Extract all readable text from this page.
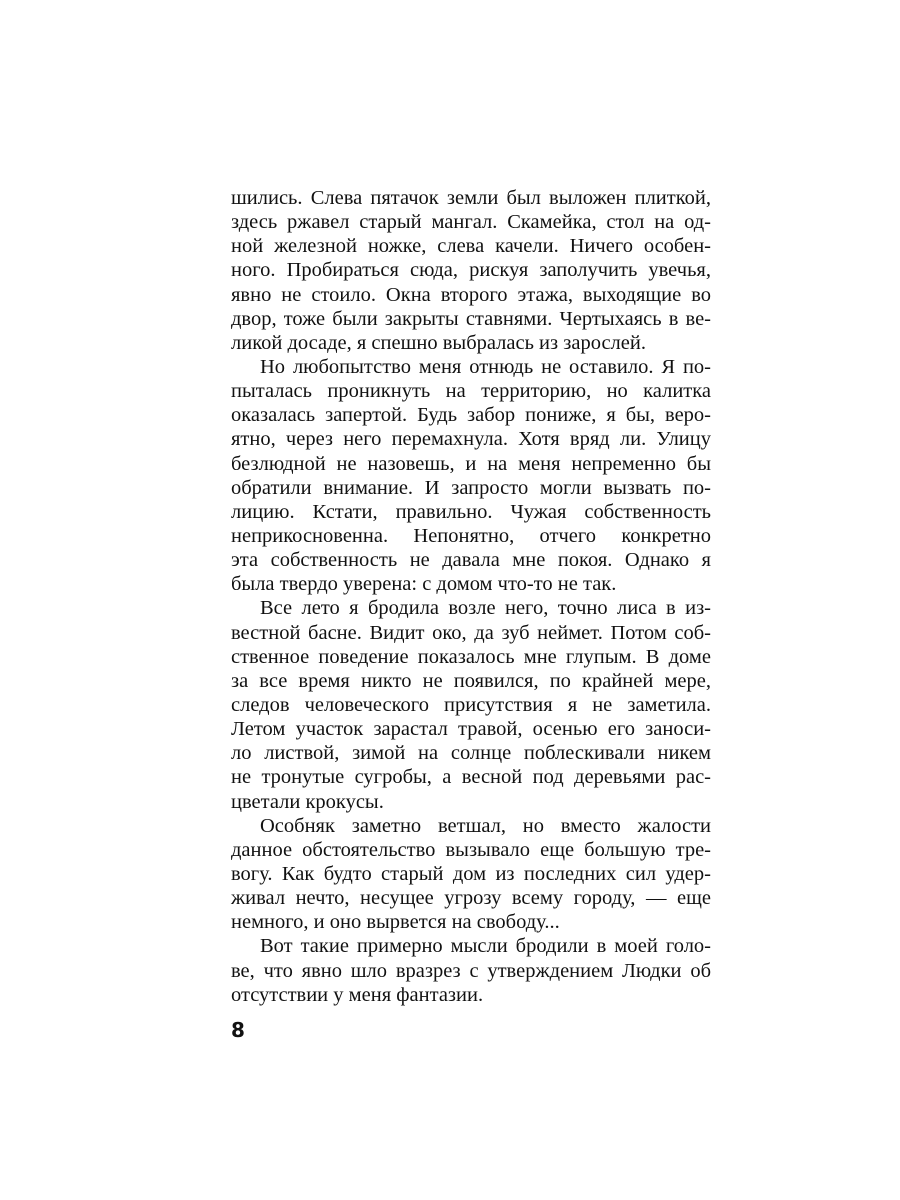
шились. Слева пятачок земли был выложен плиткой,
здесь ржавел старый мангал. Скамейка, стол на од-
ной железной ножке, слева качели. Ничего особен-
ного. Пробираться сюда, рискуя заполучить увечья,
явно не стоило. Окна второго этажа, выходящие во
двор, тоже были закрыты ставнями. Чертыхаясь в ве-
ликой досаде, я спешно выбралась из зарослей.
Но любопытство меня отнюдь не оставило. Я по-
пыталась проникнуть на территорию, но калитка
оказалась запертой. Будь забор пониже, я бы, веро-
ятно, через него перемахнула. Хотя вряд ли. Улицу
безлюдной не назовешь, и на меня непременно бы
обратили внимание. И запросто могли вызвать по-
лицию. Кстати, правильно. Чужая собственность
неприкосновенна. Непонятно, отчего конкретно
эта собственность не давала мне покоя. Однако я
была твердо уверена: с домом что-то не так.
Все лето я бродила возле него, точно лиса в из-
вестной басне. Видит око, да зуб неймет. Потом соб-
ственное поведение показалось мне глупым. В доме
за все время никто не появился, по крайней мере,
следов человеческого присутствия я не заметила.
Летом участок зарастал травой, осенью его заноси-
ло листвой, зимой на солнце поблескивали никем
не тронутые сугробы, а весной под деревьями рас-
цветали крокусы.
Особняк заметно ветшал, но вместо жалости
данное обстоятельство вызывало еще большую тре-
вогу. Как будто старый дом из последних сил удер-
живал нечто, несущее угрозу всему городу, — еще
немного, и оно вырвется на свободу...
Вот такие примерно мысли бродили в моей голо-
ве, что явно шло вразрез с утверждением Людки об
отсутствии у меня фантазии.
8
